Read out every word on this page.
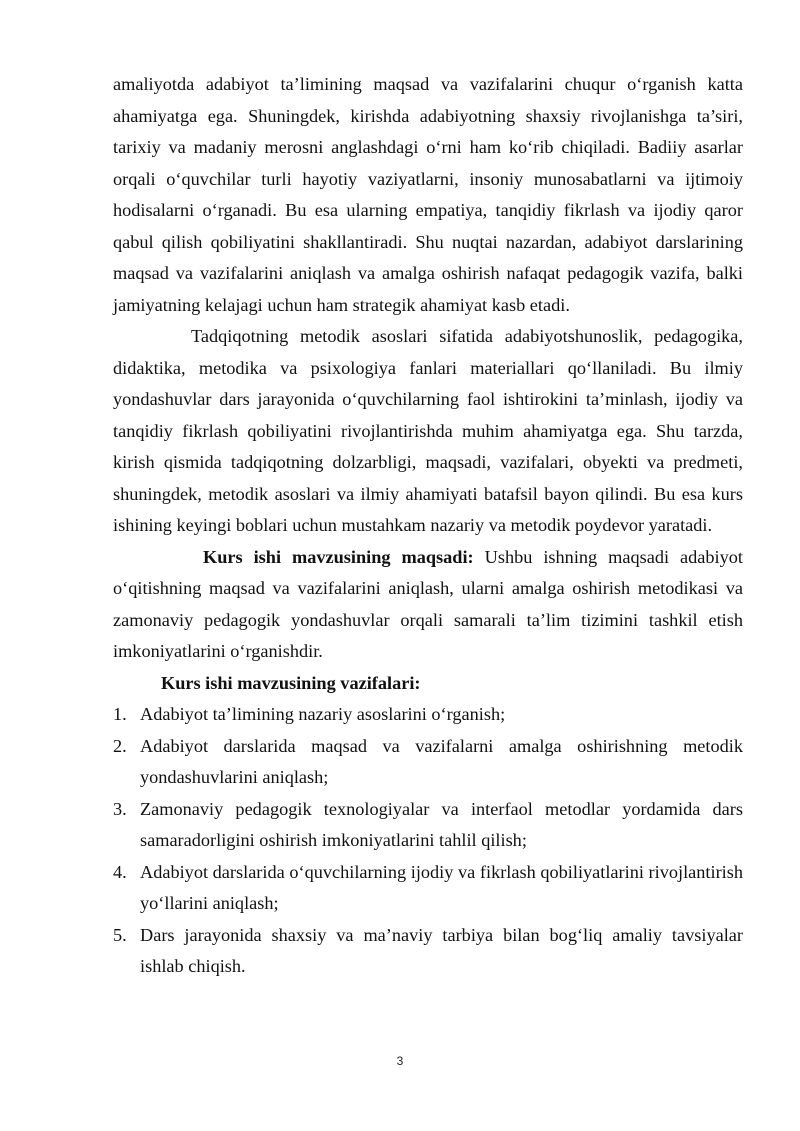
amaliyotda adabiyot ta’limining maqsad va vazifalarini chuqur o‘rganish katta ahamiyatga ega. Shuningdek, kirishda adabiyotning shaxsiy rivojlanishga ta’siri, tarixiy va madaniy merosni anglashdagi o‘rni ham ko‘rib chiqiladi. Badiiy asarlar orqali o‘quvchilar turli hayotiy vaziyatlarni, insoniy munosabatlarni va ijtimoiy hodisalarni o‘rganadi. Bu esa ularning empatiya, tanqidiy fikrlash va ijodiy qaror qabul qilish qobiliyatini shakllantiradi. Shu nuqtai nazardan, adabiyot darslarining maqsad va vazifalarini aniqlash va amalga oshirish nafaqat pedagogik vazifa, balki jamiyatning kelajagi uchun ham strategik ahamiyat kasb etadi.

Tadqiqotning metodik asoslari sifatida adabiyotshunoslik, pedagogika, didaktika, metodika va psixologiya fanlari materiallari qo‘llaniladi. Bu ilmiy yondashuvlar dars jarayonida o‘quvchilarning faol ishtirokini ta’minlash, ijodiy va tanqidiy fikrlash qobiliyatini rivojlantirishda muhim ahamiyatga ega. Shu tarzda, kirish qismida tadqiqotning dolzarbligi, maqsadi, vazifalari, obyekti va predmeti, shuningdek, metodik asoslari va ilmiy ahamiyati batafsil bayon qilindi. Bu esa kurs ishining keyingi boblari uchun mustahkam nazariy va metodik poydevor yaratadi.

Kurs ishi mavzusining maqsadi: Ushbu ishning maqsadi adabiyot o‘qitishning maqsad va vazifalarini aniqlash, ularni amalga oshirish metodikasi va zamonaviy pedagogik yondashuvlar orqali samarali ta’lim tizimini tashkil etish imkoniyatlarini o‘rganishdir.

Kurs ishi mavzusining vazifalari:

1. Adabiyot ta’limining nazariy asoslarini o‘rganish;
2. Adabiyot darslarida maqsad va vazifalarni amalga oshirishning metodik yondashuvlarini aniqlash;
3. Zamonaviy pedagogik texnologiyalar va interfaol metodlar yordamida dars samaradorligini oshirish imkoniyatlarini tahlil qilish;
4. Adabiyot darslarida o‘quvchilarning ijodiy va fikrlash qobiliyatlarini rivojlantirish yo‘llarini aniqlash;
5. Dars jarayonida shaxsiy va ma’naviy tarbiya bilan bog‘liq amaliy tavsiyalar ishlab chiqish.
3
